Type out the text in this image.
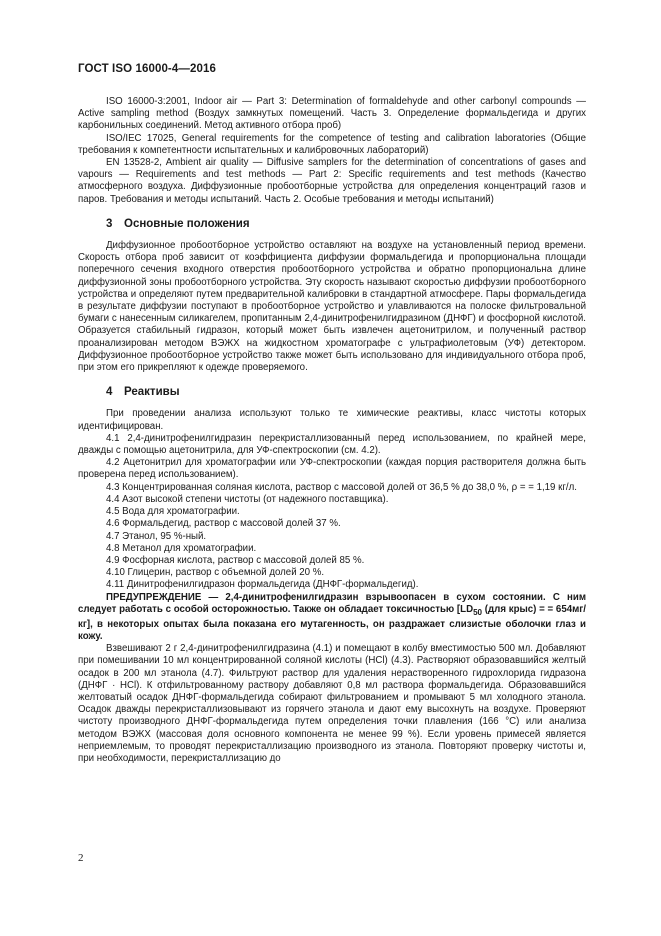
ГОСТ ISO 16000-4—2016

ISO 16000-3:2001, Indoor air — Part 3: Determination of formaldehyde and other carbonyl compounds — Active sampling method (Воздух замкнутых помещений. Часть 3. Определение формальдегида и других карбонильных соединений. Метод активного отбора проб)

ISO/IEC 17025, General requirements for the competence of testing and calibration laboratories (Общие требования к компетентности испытательных и калибровочных лабораторий)

EN 13528-2, Ambient air quality — Diffusive samplers for the determination of concentrations of gases and vapours — Requirements and test methods — Part 2: Specific requirements and test methods (Качество атмосферного воздуха. Диффузионные пробоотборные устройства для определения концентраций газов и паров. Требования и методы испытаний. Часть 2. Особые требования и методы испытаний)

3 Основные положения

Диффузионное пробоотборное устройство оставляют на воздухе на установленный период времени. Скорость отбора проб зависит от коэффициента диффузии формальдегида и пропорциональна площади поперечного сечения входного отверстия пробоотборного устройства и обратно пропорциональна длине диффузионной зоны пробоотборного устройства. Эту скорость называют скоростью диффузии пробоотборного устройства и определяют путем предварительной калибровки в стандартной атмосфере. Пары формальдегида в результате диффузии поступают в пробоотборное устройство и улавливаются на полоске фильтровальной бумаги с нанесенным силикагелем, пропитанным 2,4-динитрофенилгидразином (ДНФГ) и фосфорной кислотой. Образуется стабильный гидразон, который может быть извлечен ацетонитрилом, и полученный раствор проанализирован методом ВЭЖХ на жидкостном хроматографе с ультрафиолетовым (УФ) детектором. Диффузионное пробоотборное устройство также может быть использовано для индивидуального отбора проб, при этом его прикрепляют к одежде проверяемого.

4 Реактивы

При проведении анализа используют только те химические реактивы, класс чистоты которых идентифицирован.

4.1 2,4-динитрофенилгидразин перекристаллизованный перед использованием, по крайней мере, дважды с помощью ацетонитрила, для УФ-спектроскопии (см. 4.2).

4.2 Ацетонитрил для хроматографии или УФ-спектроскопии (каждая порция растворителя должна быть проверена перед использованием).

4.3 Концентрированная соляная кислота, раствор с массовой долей от 36,5 % до 38,0 %, ρ = = 1,19 кг/л.

4.4 Азот высокой степени чистоты (от надежного поставщика).

4.5 Вода для хроматографии.

4.6 Формальдегид, раствор с массовой долей 37 %.

4.7 Этанол, 95 %-ный.

4.8 Метанол для хроматографии.

4.9 Фосфорная кислота, раствор с массовой долей 85 %.

4.10 Глицерин, раствор с объемной долей 20 %.

4.11 Динитрофенилгидразон формальдегида (ДНФГ-формальдегид).

ПРЕДУПРЕЖДЕНИЕ — 2,4-динитрофенилгидразин взрывоопасен в сухом состоянии. С ним следует работать с особой осторожностью. Также он обладает токсичностью [$LD_{50}$ (для крыс) = = 654мг/кг], в некоторых опытах была показана его мутагенность, он раздражает слизистые оболочки глаз и кожу.

Взвешивают 2 г 2,4-динитрофенилгидразина (4.1) и помещают в колбу вместимостью 500 мл. Добавляют при помешивании 10 мл концентрированной соляной кислоты (HCl) (4.3). Растворяют образовавшийся желтый осадок в 200 мл этанола (4.7). Фильтруют раствор для удаления нерастворенного гидрохлорида гидразона (ДНФГ · HCl). К отфильтрованному раствору добавляют 0,8 мл раствора формальдегида. Образовавшийся желтоватый осадок ДНФГ-формальдегида собирают фильтрованием и промывают 5 мл холодного этанола. Осадок дважды перекристаллизовывают из горячего этанола и дают ему высохнуть на воздухе. Проверяют чистоту производного ДНФГ-формальдегида путем определения точки плавления (166 °С) или анализа методом ВЭЖХ (массовая доля основного компонента не менее 99 %). Если уровень примесей является неприемлемым, то проводят перекристаллизацию производного из этанола. Повторяют проверку чистоты и, при необходимости, перекристаллизацию до

2
